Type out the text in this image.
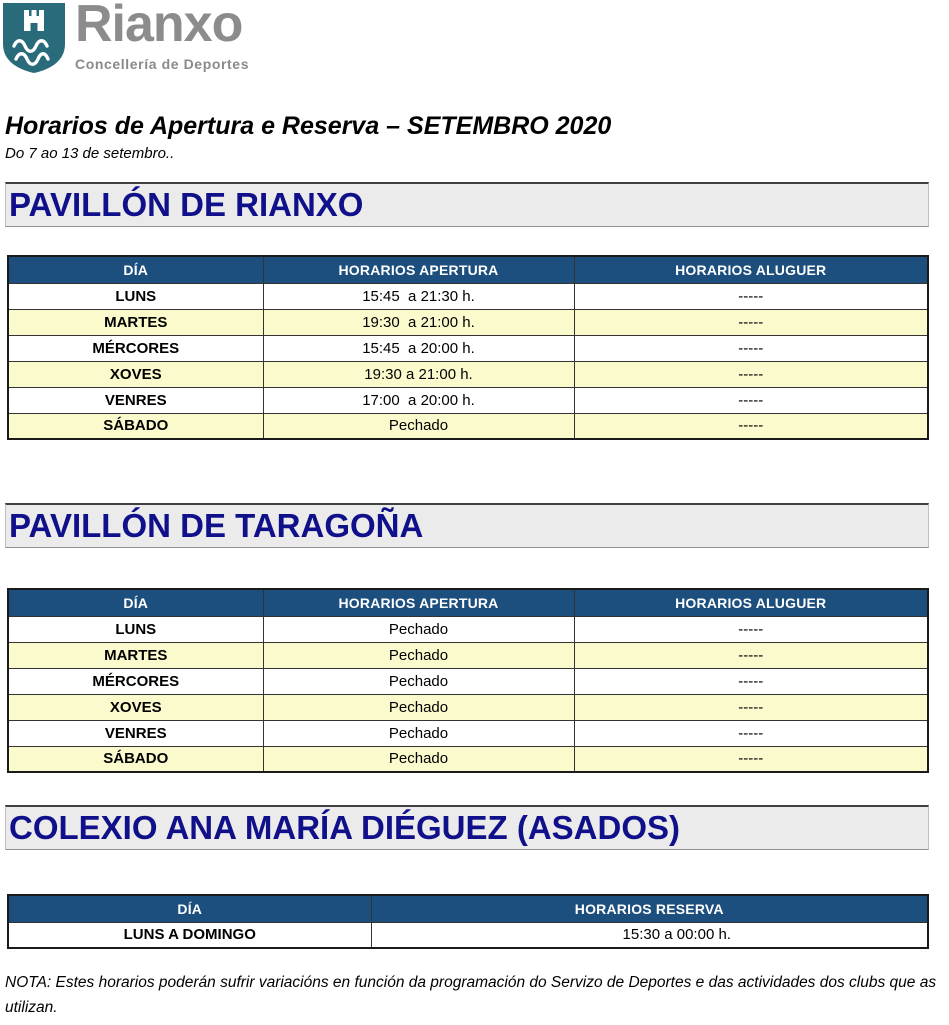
Rianxo
Concellería de Deportes
Horarios de Apertura e Reserva – SETEMBRO 2020
Do 7 ao 13 de setembro..
PAVILLÓN DE RIANXO
DÍA	HORARIOS APERTURA	HORARIOS ALUGUER
LUNS	15:45  a 21:30 h.	-----
MARTES	19:30  a 21:00 h.	-----
MÉRCORES	15:45  a 20:00 h.	-----
XOVES	19:30 a 21:00 h.	-----
VENRES	17:00  a 20:00 h.	-----
SÁBADO	Pechado	-----
PAVILLÓN DE TARAGOÑA
DÍA	HORARIOS APERTURA	HORARIOS ALUGUER
LUNS	Pechado	-----
MARTES	Pechado	-----
MÉRCORES	Pechado	-----
XOVES	Pechado	-----
VENRES	Pechado	-----
SÁBADO	Pechado	-----
COLEXIO ANA MARÍA DIÉGUEZ (ASADOS)
DÍA	HORARIOS RESERVA
LUNS A DOMINGO	15:30 a 00:00 h.

NOTA: Estes horarios poderán sufrir variacións en función da programación do Servizo de Deportes e das actividades dos clubs que as utilizan.
